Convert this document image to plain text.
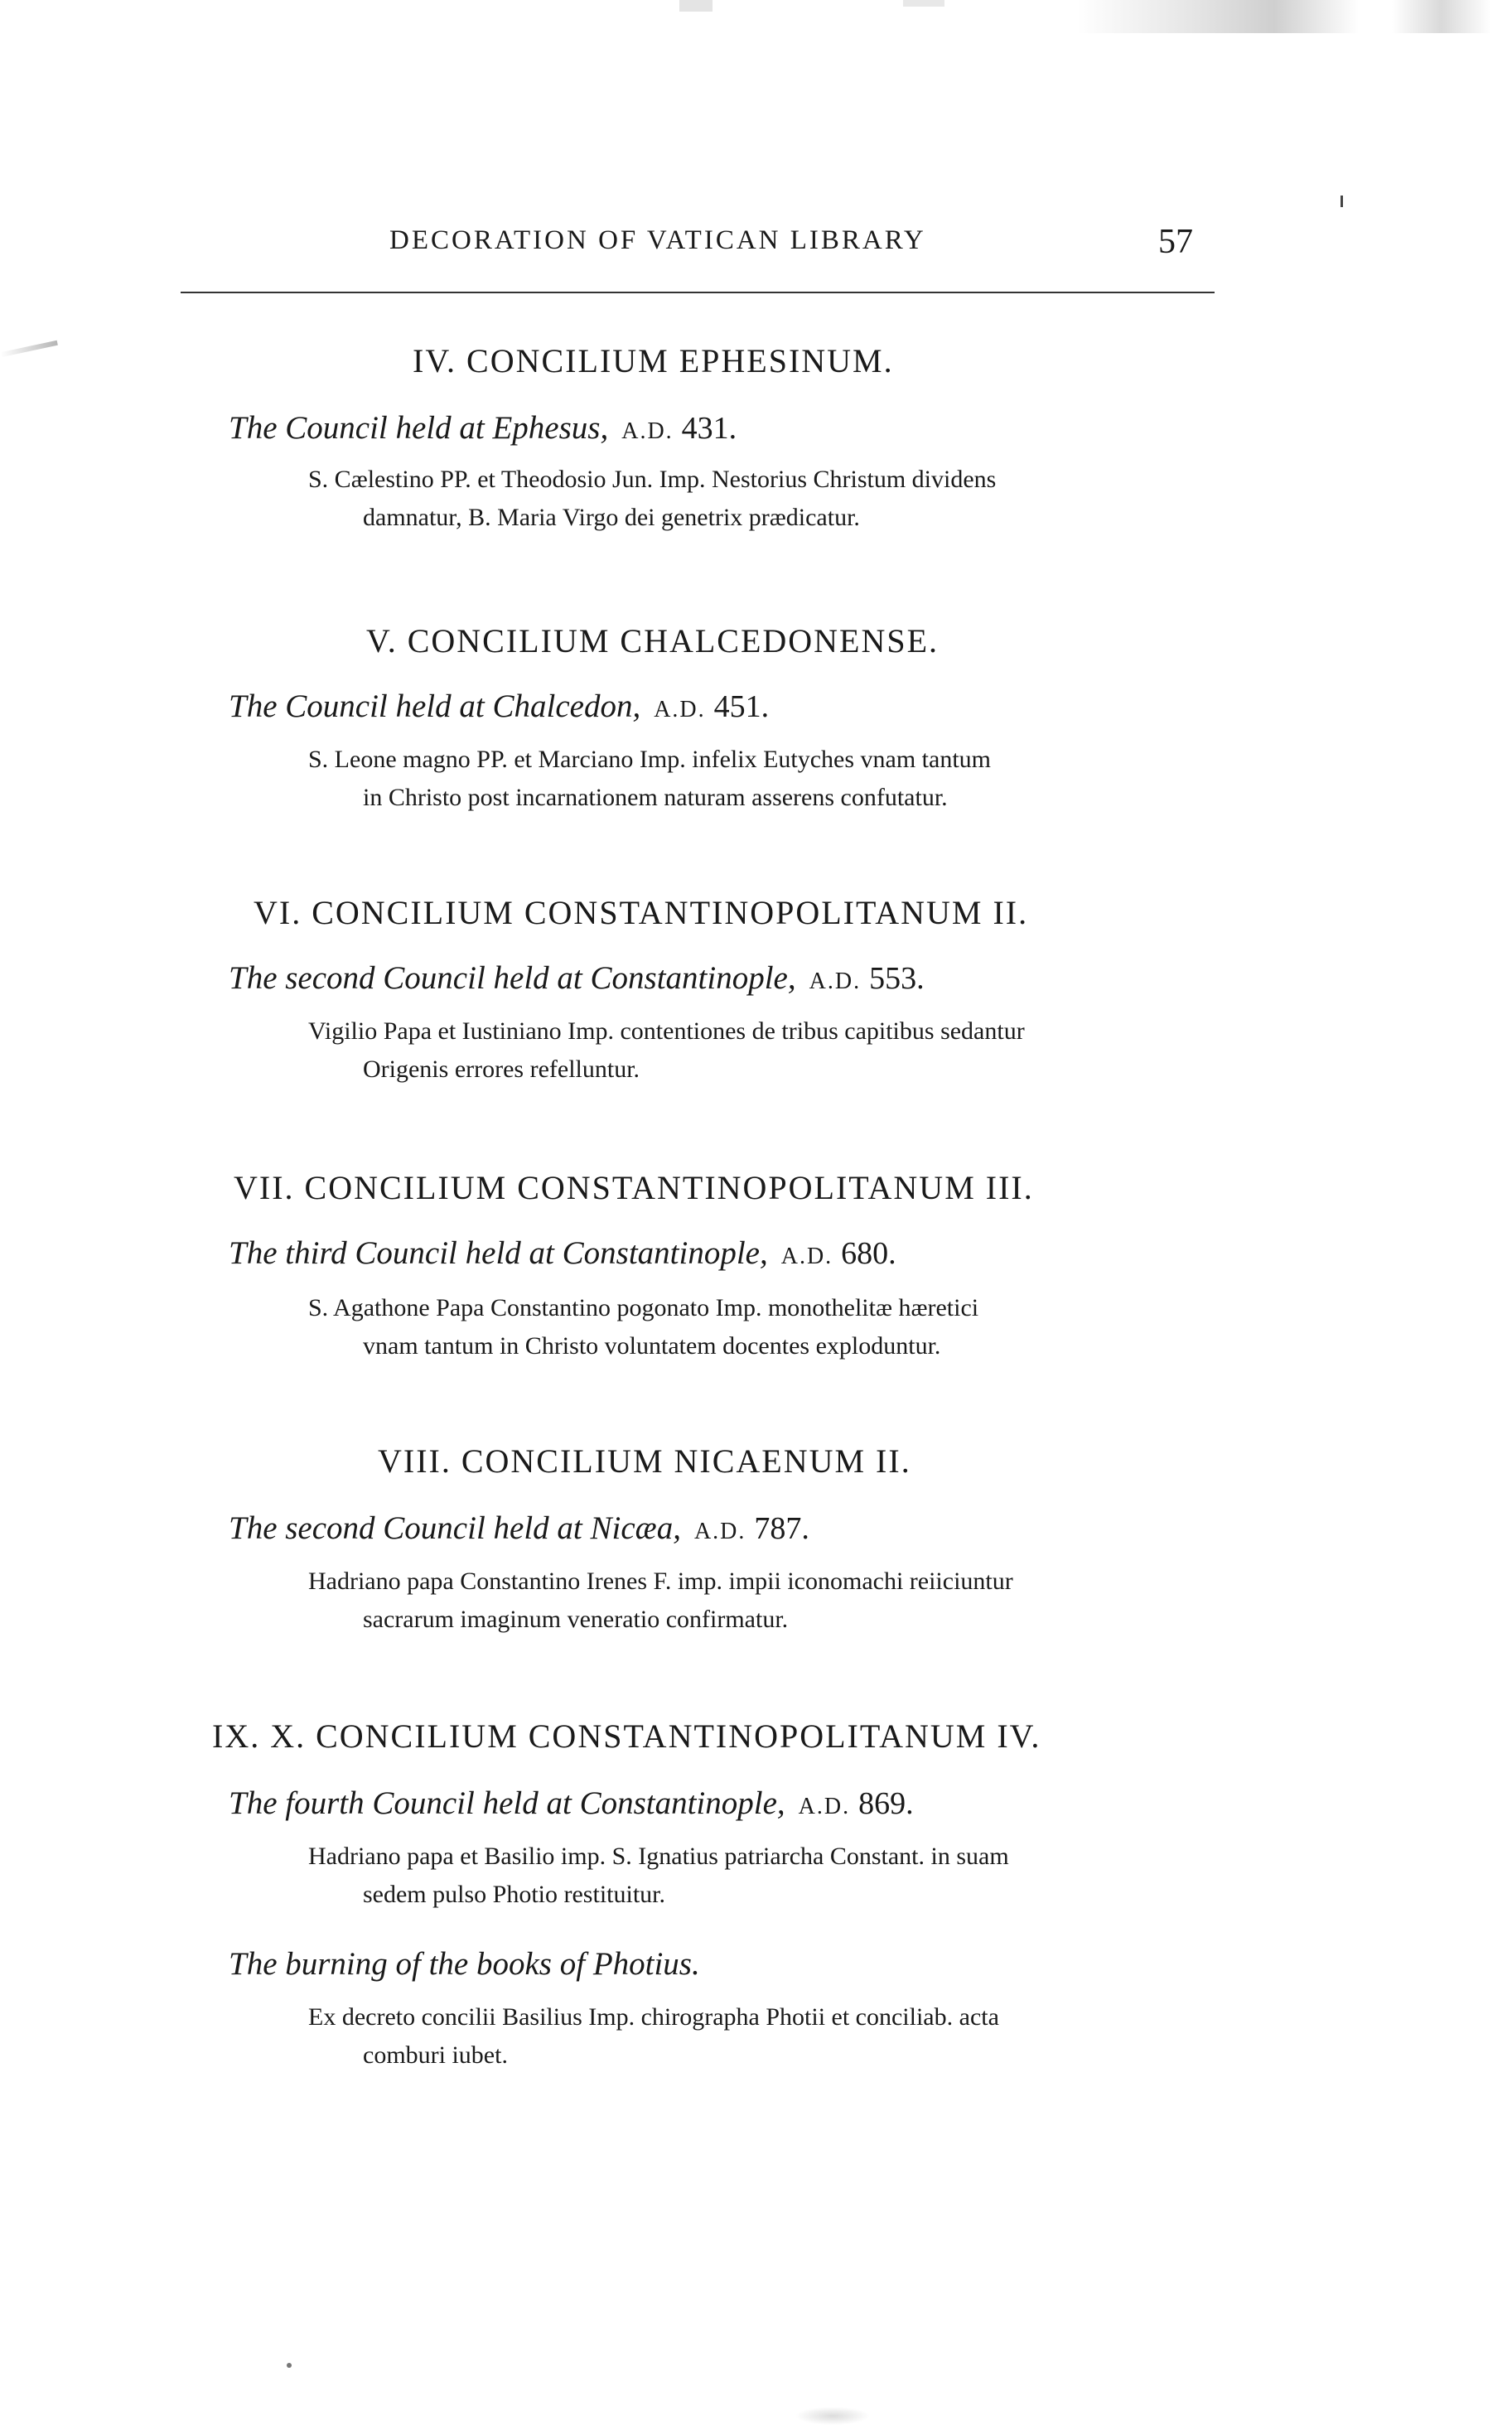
DECORATION OF VATICAN LIBRARY	57
IV. CONCILIUM EPHESINUM.
The Council held at Ephesus, A.D. 431.
S. Cælestino PP. et Theodosio Jun. Imp. Nestorius Christum dividens
damnatur, B. Maria Virgo dei genetrix prædicatur.
V. CONCILIUM CHALCEDONENSE.
The Council held at Chalcedon, A.D. 451.
S. Leone magno PP. et Marciano Imp. infelix Eutyches vnam tantum
in Christo post incarnationem naturam asserens confutatur.
VI. CONCILIUM CONSTANTINOPOLITANUM II.
The second Council held at Constantinople, A.D. 553.
Vigilio Papa et Iustiniano Imp. contentiones de tribus capitibus sedantur
Origenis errores refelluntur.
VII. CONCILIUM CONSTANTINOPOLITANUM III.
The third Council held at Constantinople, A.D. 680.
S. Agathone Papa Constantino pogonato Imp. monothelitæ hæretici
vnam tantum in Christo voluntatem docentes exploduntur.
VIII. CONCILIUM NICAENUM II.
The second Council held at Nicæa, A.D. 787.
Hadriano papa Constantino Irenes F. imp. impii iconomachi reiiciuntur
sacrarum imaginum veneratio confirmatur.
IX. X. CONCILIUM CONSTANTINOPOLITANUM IV.
The fourth Council held at Constantinople, A.D. 869.
Hadriano papa et Basilio imp. S. Ignatius patriarcha Constant. in suam
sedem pulso Photio restituitur.
The burning of the books of Photius.
Ex decreto concilii Basilius Imp. chirographa Photii et conciliab. acta
comburi iubet.
